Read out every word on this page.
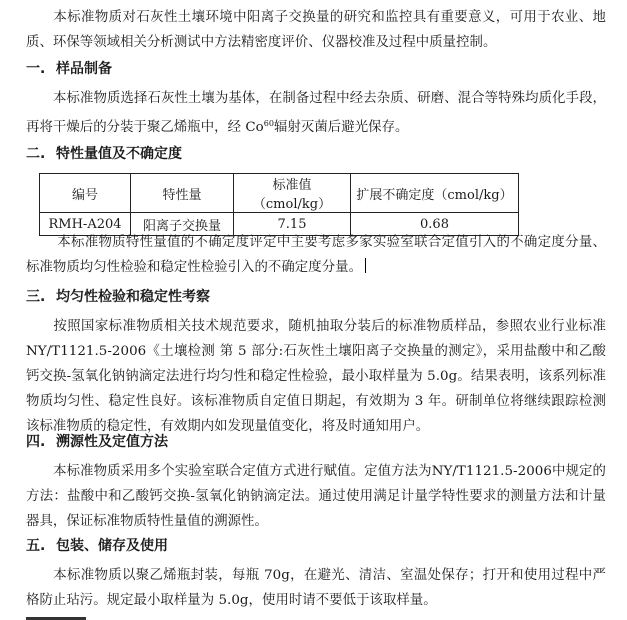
本标准物质对石灰性土壤环境中阳离子交换量的研究和监控具有重要意义，可用于农业、地质、环保等领域相关分析测试中方法精密度评价、仪器校准及过程中质量控制。

一. 样品制备

本标准物质选择石灰性土壤为基体，在制备过程中经去杂质、研磨、混合等特殊均质化手段，再将干燥后的分装于聚乙烯瓶中，经 Co$^{60}$辐射灭菌后避光保存。

二. 特性量值及不确定度
编号	特性量	标准值（cmol/kg）	扩展不确定度（cmol/kg）
RMH-A204	阳离子交换量	7.15	0.68

本标准物质特性量值的不确定度评定中主要考虑多家实验室联合定值引入的不确定度分量、标准物质均匀性检验和稳定性检验引入的不确定度分量。

三. 均匀性检验和稳定性考察

按照国家标准物质相关技术规范要求，随机抽取分装后的标准物质样品，参照农业行业标准 NY/T1121.5-2006《土壤检测 第 5 部分:石灰性土壤阳离子交换量的测定》，采用盐酸中和乙酸钙交换-氢氧化钠钠滴定法进行均匀性和稳定性检验，最小取样量为 5.0g。结果表明，该系列标准物质均匀性、稳定性良好。该标准物质自定值日期起，有效期为 3 年。研制单位将继续跟踪检测该标准物质的稳定性，有效期内如发现量值变化，将及时通知用户。

四. 溯源性及定值方法

本标准物质采用多个实验室联合定值方式进行赋值。定值方法为NY/T1121.5-2006中规定的方法：盐酸中和乙酸钙交换-氢氧化钠钠滴定法。通过使用满足计量学特性要求的测量方法和计量器具，保证标准物质特性量值的溯源性。

五. 包装、储存及使用

本标准物质以聚乙烯瓶封装，每瓶 70g，在避光、清洁、室温处保存；打开和使用过程中严格防止玷污。规定最小取样量为 5.0g，使用时请不要低于该取样量。
